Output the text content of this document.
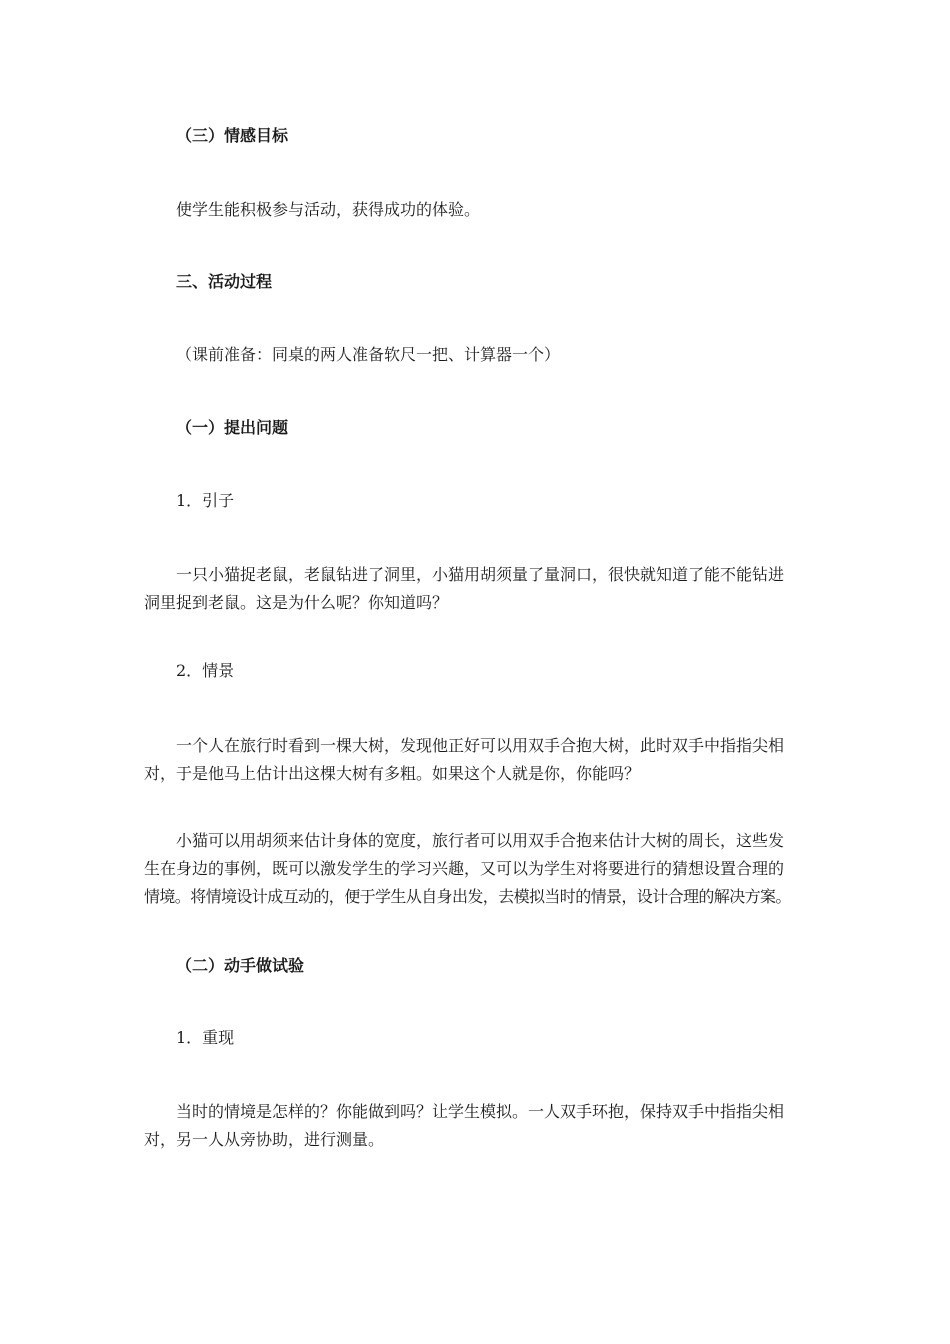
（三）情感目标
使学生能积极参与活动，获得成功的体验。
三、活动过程
（课前准备：同桌的两人准备软尺一把、计算器一个）
（一）提出问题
1．引子
一只小猫捉老鼠，老鼠钻进了洞里，小猫用胡须量了量洞口，很快就知道了能不能钻进
洞里捉到老鼠。这是为什么呢？你知道吗？
2．情景
一个人在旅行时看到一棵大树，发现他正好可以用双手合抱大树，此时双手中指指尖相
对，于是他马上估计出这棵大树有多粗。如果这个人就是你，你能吗？
小猫可以用胡须来估计身体的宽度，旅行者可以用双手合抱来估计大树的周长，这些发
生在身边的事例，既可以激发学生的学习兴趣，又可以为学生对将要进行的猜想设置合理的
情境。将情境设计成互动的，便于学生从自身出发，去模拟当时的情景，设计合理的解决方案。
（二）动手做试验
1．重现
当时的情境是怎样的？你能做到吗？让学生模拟。一人双手环抱，保持双手中指指尖相
对，另一人从旁协助，进行测量。
